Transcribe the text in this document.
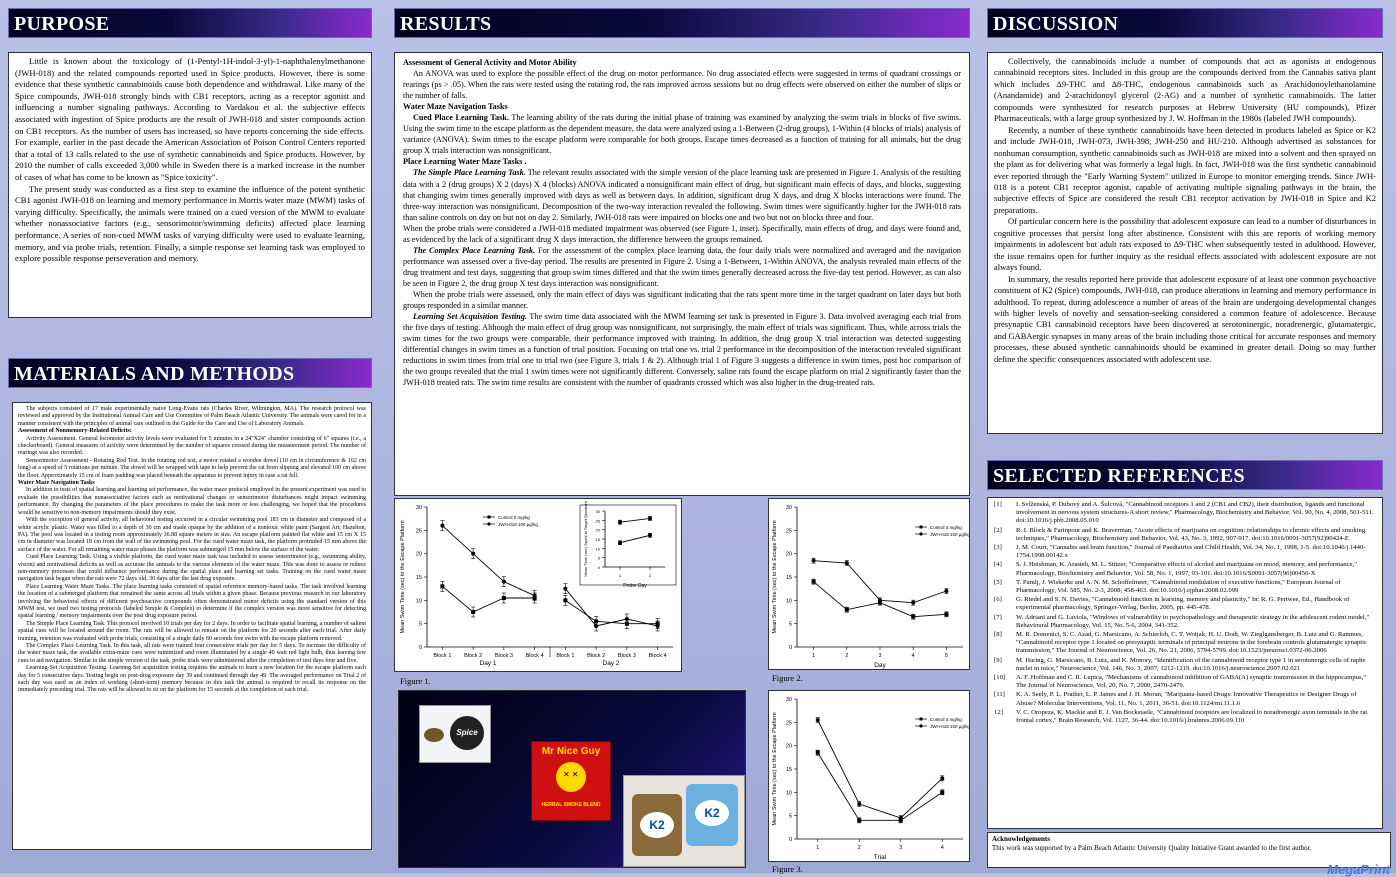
PURPOSE

Little is known about the toxicology of (1-Pentyl-1H-indol-3-yl)-1-naphthalenylmethanone (JWH-018) and the related compounds reported used in Spice products. However, there is some evidence that these synthetic cannabinoids cause both dependence and withdrawal. Like many of the Spice compounds, JWH-018 strongly binds with CB1 receptors, acting as a receptor agonist and influencing a number signaling pathways. According to Vardakou et al. the subjective effects associated with ingestion of Spice products are the result of JWH-018 and sister compounds action on CB1 receptors. As the number of users has increased, so have reports concerning the side effects. For example, earlier in the past decade the American Association of Poison Control Centers reported that a total of 13 calls related to the use of synthetic cannabinoids and Spice products. However, by 2010 the number of calls exceeded 3,000 while in Sweden there is a marked increase in the number of cases of what has come to be known as "Spice toxicity".

The present study was conducted as a first step to examine the influence of the potent synthetic CB1 agonist JWH-018 on learning and memory performance in Morris water maze (MWM) tasks of varying difficulty. Specifically, the animals were trained on a cued version of the MWM to evaluate whether nonassociative factors (e.g., sensorimotor/swimming deficits) affected place learning performance. A series of non-cued MWM tasks of varying difficulty were used to evaluate learning, memory, and via probe trials, retention. Finally, a simple response set learning task was employed to explore possible response perseveration and memory.

MATERIALS AND METHODS

The subjects consisted of 17 male experimentally naive Long-Evans rats (Charles River, Wilmington, MA). The research protocol was reviewed and approved by the Institutional Animal Care and Use Committee of Palm Beach Atlantic University. The animals were cared for in a manner consistent with the principles of animal care outlined in the Guide for the Care and Use of Laboratory Animals.

Assessment of Nonmemory-Related Deficits:

Activity Assessment. General locomotor activity levels were evaluated for 5 minutes in a 24"X24" chamber consisting of 6" squares (i.e., a checkerboard). General measures of activity were determined by the number of squares crossed during the measurement period. The number of rearings was also recorded.

Sensorimotor Assessment - Rotating Rod Test. In the rotating rod test, a motor rotated a wooden dowel (10 cm in circumference & 162 cm long) at a speed of 5 rotations per minute. The dowel will be wrapped with tape to help prevent the rat from slipping and elevated 100 cm above the floor. Approximately 15 cm of foam padding was placed beneath the apparatus to prevent injury in case a rat fell.

Water Maze Navigation Tasks

In addition to tests of spatial learning and learning set performance, the water maze protocol employed in the present experiment was used to evaluate the possibilities that nonassociative factors such as motivational changes or sensorimotor disturbances might impact swimming performance. By changing the parameters of the place procedures to make the task more or less challenging, we hoped that the procedures would be sensitive to non-memory impairments should they exist.

With the exception of general activity, all behavioral testing occurred in a circular swimming pool 183 cm in diameter and composed of a white acrylic plastic. Water was filled to a depth of 30 cm and made opaque by the addition of a nontoxic white paint (Sargent Art, Hazelton, PA). The pool was located in a testing room approximately 36.88 square meters in size. An escape platform painted flat white and 15 cm X 15 cm in diameter was located 18 cm from the wall of the swimming pool. For the cued water maze task, the platform protruded 15 mm above the surface of the water. For all remaining water maze phases the platform was submerged 15 mm below the surface of the water.

Cued Place Learning Task. Using a visible platform, the cued water maze task was included to assess sensorimotor (e.g., swimming ability, vision) and motivational deficits as well as accurate the animals to the various elements of the water maze. This was done to assess or reduce non-memory processes that could influence performance during the spatial place and learning set tasks. Training on the cued water maze navigation task began when the rats were 72 days old, 30 days after the last drug exposure.

Place Learning Water Maze Tasks. The place learning tasks consisted of spatial reference memory-based tasks. The task involved learning the location of a submerged platform that remained the same across all trials within a given phase. Because previous research in our laboratory involving the behavioral effects of different psychoactive compounds often demonstrated minor deficits using the standard version of this MWM test, we used two testing protocols (labeled Simple & Complex) to determine if the complex version was more sensitive for detecting spatial learning / memory impairments over the post drug exposure period.

The Simple Place Learning Task. This protocol involved 10 trials per day for 2 days. In order to facilitate spatial learning, a number of salient spatial cues will be located around the room. The rats will be allowed to remain on the platform for 20 seconds after each trial. After daily training, retention was evaluated with probe trials, consisting of a single daily 60 seconds free swim with the escape platform removed.

The Complex Place Learning Task. In this task, all rats were trained four consecutive trials per day for 5 days. To increase the difficulty of the water maze task, the available extra-maze cues were minimized and room illuminated by a single 40 watt red light bulb, thus leaving few cues to aid navigation. Similar to the simple version of the task, probe trials were administered after the completion of test days four and five.

Learning-Set Acquisition Testing. Learning Set acquisition testing requires the animals to learn a new location for the escape platform each day for 5 consecutive days. Testing begin on post-drug exposure day 39 and continued through day 49. The averaged performance on Trial 2 of each day was used as an index of working (short-term) memory because in this task the animal is required to recall its response on the immediately preceding trial. The rats will be allowed to sit on the platform for 15 seconds at the completion of each trial.

RESULTS
Assessment of General Activity and Motor Ability
An ANOVA was used to explore the possible effect of the drug on motor performance. No drug associated effects were suggested in terms of quadrant crossings or rearings (ps > .05). When the rats were tested using the rotating rod, the rats improved across sessions but no drug effects were observed on either the number of slips or the number of falls.
Water Maze Navigation Tasks
Cued Place Learning Task. The learning ability of the rats during the initial phase of training was examined by analyzing the swim trials in blocks of five swims. Using the swim time to the escape platform as the dependent measure, the data were analyzed using a 1-Between (2-drug groups), 1-Within (4 blocks of trials) analysis of variance (ANOVA). Swim times to the escape platform were comparable for both groups. Escape times decreased as a function of training for all animals, but the drug group X trials interaction was nonsignificant.
Place Learning Water Maze Tasks .
The Simple Place Learning Task. The relevant results associated with the simple version of the place learning task are presented in Figure 1. Analysis of the resulting data with a 2 (drug groups) X 2 (days) X 4 (blocks) ANOVA indicated a nonsignificant main effect of drug, but significant main effects of days, and blocks, suggesting that changing swim times generally improved with days as well as between days. In addition, significant drug X days, and drug X blocks interactions were found. The three-way interaction was nonsignificant. Decomposition of the two-way interaction revealed the following. Swim times were significantly higher for the JWH-018 rats than saline controls on day on but not on day 2. Similarly, JWH-018 rats were impaired on blocks one and two but not on blocks three and four.
When the probe trials were considered a JWH-018 mediated impairment was observed (see Figure 1, inset). Specifically, main effects of drug, and days were found and, as evidenced by the lack of a significant drug X days interaction, the difference between the groups remained.
The Complex Place Learning Task. For the assessment of the complex place learning data, the four daily trials were normalized and averaged and the navigation performance was assessed over a five-day period. The results are presented in Figure 2. Using a 1-Between, 1-Within ANOVA, the analysis revealed main effects of the drug treatment and test days, suggesting that group swim times differed and that the swim times generally decreased across the five-day test period. However, as can also be seen in Figure 2, the drug group X test days interaction was nonsignificant.
When the probe trials were assessed, only the main effect of days was significant indicating that the rats spent more time in the target quadrant on later days but both groups responded in a similar manner.
Learning Set Acquisition Testing. The swim time data associated with the MWM learning set task is presented in Figure 3. Data involved averaging each trial from the five days of testing. Although the main effect of drug group was nonsignificant, not surprisingly, the main effect of trials was significant. Thus, while across trials the swim times for the two groups were comparable, their performance improved with training. In addition, the drug group X trial interaction was detected suggesting differential changes in swim times as a function of trial position. Focusing on trial one vs. trial 2 performance in the decomposition of the interaction revealed significant reductions in swim times from trial one to trial two (see Figure 3, trials 1 & 2). Although trial 1 of Figure 3 suggests a difference in swim times, post hoc comparison of the two groups revealed that the trial 1 swim times were not significantly different. Conversely, saline rats found the escape platform on trial 2 significantly faster than the JWH-018 treated rats. The swim time results are consistent with the number of quadrants crossed which was also higher in the drug-treated rats.
0
5
10
15
20
25
30
Block 1 Block 2 Block 3 Block 4 Block 1 Block 2 Block 3 Block 4
Mean Swim Time (sec) to the Escape Platform
Control 0 mg/kg
JWH-018 100 µg/kg
Day 1	Day 2
0
5
10
15
20
25
30
1	2
Mean Time (sec) Spent in Target Quadrant
Probe Day
Figure 1.
0
5
10
15
20
25
30
1	2	3	4	5
Mean Swim Time (sec) to the Escape Platform
Day
Control 0 mg/kg
JWH-018 100 µg/kg
Figure 2.
0
5
10
15
20
25
30
1	2	3	4
Mean Swim Time (sec) to the Escape Platform
Trial
Control 0 mg/kg
JWH-018 100 µg/kg
Figure 3.
Spice
Mr Nice Guy
✕ ✕
HERBAL SMOKE BLEND
K2
K2
DISCUSSION

Collectively, the cannabinoids include a number of compounds that act as agonists at endogenous cannabinoid receptors sites. Included in this group are the compounds derived from the Cannabis sativa plant which includes Δ9-THC and Δ8-THC, endogenous cannabinoids such as Arachidonoylethanolamine (Anandamide) and 2-arachidonoyl glycerol (2-AG) and a number of synthetic cannabinoids. The latter compounds were synthesized for research purposes at Hebrew University (HU compounds), Pfizer Pharmaceuticals, with a large group synthesized by J. W. Hoffman in the 1980s (labeled JWH compounds).

Recently, a number of these synthetic cannabinoids have been detected in products labeled as Spice or K2 and include JWH-018, JWH-073, JWH-398, JWH-250 and HU-210. Although advertised as substances for nonhuman consumption, synthetic cannabinoids such as JWH-018 are mixed into a solvent and then sprayed on the plant as for delivering what was formerly a legal high. In fact, JWH-018 was the first synthetic cannabinoid ever reported through the "Early Warning System" utilized in Europe to monitor emerging trends. Since JWH-018 is a potent CB1 receptor agonist, capable of activating multiple signaling pathways in the brain, the subjective effects of Spice are considered the result CB1 receptor activation by JWH-018 in Spice and K2 preparations.

Of particular concern here is the possibility that adolescent exposure can lead to a number of disturbances in cognitive processes that persist long after abstinence. Consistent with this are reports of working memory impairments in adolescent but adult rats exposed to Δ9-THC when subsequently tested in adulthood. However, the issue remains open for further inquiry as the residual effects associated with adolescent exposure are not always found.

In summary, the results reported here provide that adolescent exposure of at least one common psychoactive constituent of K2 (Spice) compounds, JWH-018, can produce alterations in learning and memory performance in adulthood. To repeat, during adolescence a number of areas of the brain are undergoing developmental changes with higher levels of novelty and sensation-seeking considered a common feature of adolescence. Because presynaptic CB1 cannabinoid receptors have been discovered at serotoninergic, noradrenergic, glutamatergic, and GABAergic synapses in many areas of the brain including those critical for accurate responses and memory processes, these abused synthetic cannabinoids should be examined in greater detail. Doing so may further define the specific consequences associated with adolescent use.

SELECTED REFERENCES
[1]	I. Svíženská, P. Dubový and A. Šulcová, "Cannabinoid receptors 1 and 2 (CB1 and CB2), their distribution, ligands and functional involvement in nervous system structures-A short review," Pharmacology, Biochemistry and Behavior, Vol. 90, No. 4, 2008, 501-511. doi:10.1016/j.pbb.2008.05.010
[2]	R. I. Block & Farinpour and K. Braverman, "Acute effects of marijuana on cognition: relationships to chronic effects and smoking techniques," Pharmacology, Biochemistry and Behavior, Vol. 43, No. 3, 1992, 907-917. doi:10.1016/0091-3057(92)90424-E
[3]	J. M. Court, "Cannabis and brain function," Journal of Paediatrics and Child Health, Vol. 34, No. 1, 1998, 1-5. doi:10.1046/j.1440-1754.1998.00142.x
[4]	S. J. Heishman, K. Arasteh, M. L. Stitzer, "Comparative effects of alcohol and marijuana on mood, memory, and performance," Pharmacology, Biochemistry and Behavior, Vol. 58, No. 1, 1997, 93-101. doi:10.1016/S0091-3057(96)00456-X
[5]	T. Pamlj, J. Wiskerke and A. N. M. Schoffelmeer, "Cannabinoid modulation of executive functions," European Journal of Pharmacology, Vol. 585, No. 2-3, 2008, 458-463. doi:10.1016/j.ejphar.2008.02.099
[6]	G. Riedel and S. N. Davies, "Cannabinoid function in learning, memory and plasticity," In: R. G. Pertwee, Ed., Handbook of experimental pharmacology, Springer-Verlag, Berlin, 2005, pp. 445-478.
[7]	W. Adriani and G. Laviola, "Windows of vulnerability to psychopathology and therapeutic strategy in the adolescent rodent model," Behavioural Pharmacology, Vol. 15, No. 5-6, 2004, 341-352.
[8]	M. R. Domenici, S. C. Azad, G. Marsicano, A. Schierloh, C. T. Wotjak, H. U. Dodt, W. Zieglgansberger, B. Lutz and G. Rammes, "Cannabinoid receptor type 1 located on presynaptic terminals of principal neurons in the forebrain controls glutamatergic synaptic transmission," The Journal of Neuroscience, Vol. 26, No. 21, 2006, 5794-5799. doi:10.1523/jneurosci.0372-06.2006
[9]	M. Haring, G. Marsicano, B. Lutz, and K. Monory, "Identification of the cannabinoid receptor type 1 in serotonergic cells of raphe nuclei in mice," Neuroscience, Vol. 146, No. 3, 2007, 1212-1219. doi:10.1016/j.neuroscience.2007.02.021
[10]	A. F. Hoffman and C. R. Lupica, "Mechanisms of cannabinoid inhibition of GABA(A) synaptic transmission in the hippocampus," The Journal of Neuroscience, Vol. 20, No. 7, 2000, 2470-2479.
[11]	K. A. Seely, P. L. Prather, L. P. James and J. H. Moran, "Marijuana-based Drugs: Innovative Therapeutics or Designer Drugs of Abuse? Molecular Interventions, Vol. 11, No. 1, 2011, 36-51. doi:10.1124/mi.11.1.6
12]	V. C. Oropeza, K. Mackie and E. J. Van Bockstaele, "Cannabinoid receptors are localized to noradrenergic axon terminals in the rat frontal cortex," Brain Research, Vol. 1127, 36-44. doi:10.1016/j.brainres.2006.09.110
Acknowledgements
This work was supported by a Palm Beach Atlantic University Quality Initiative Grant awarded to the first author.
MegaPrint
